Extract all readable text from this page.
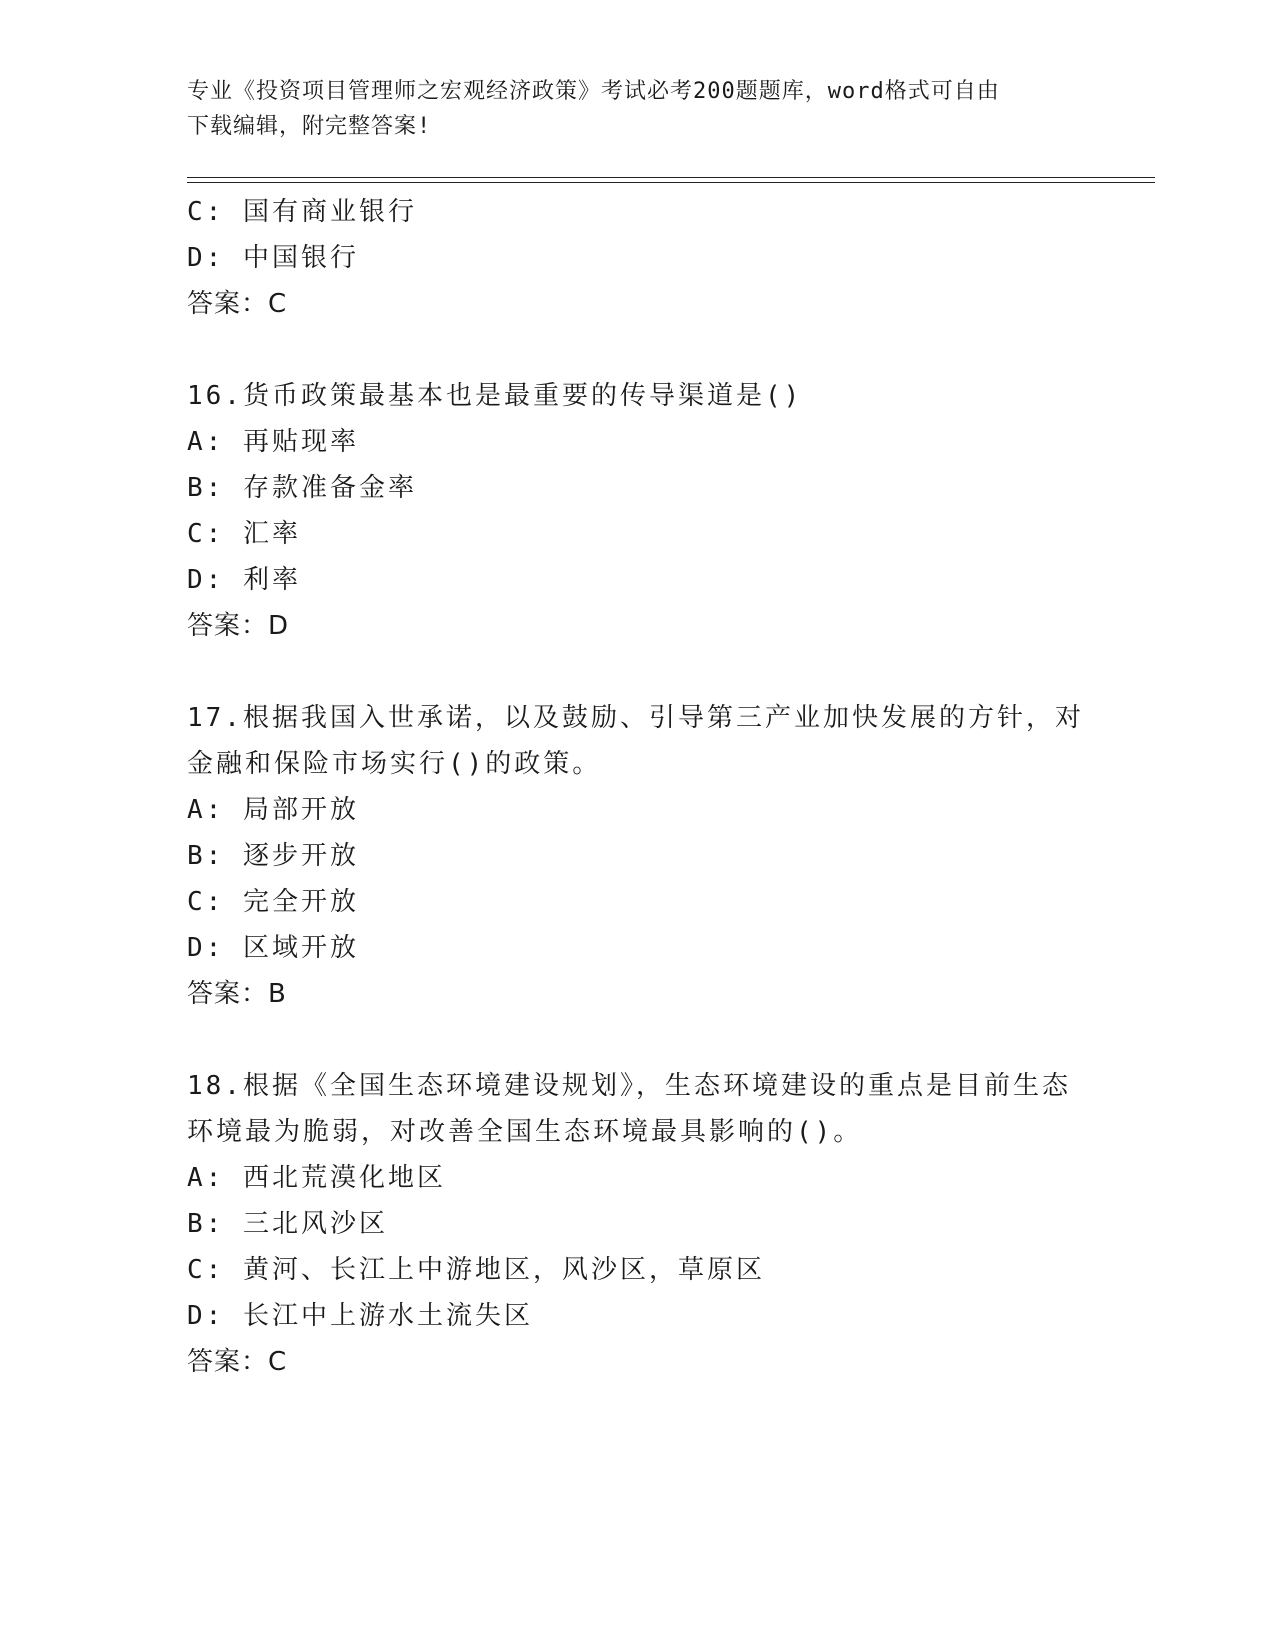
专业《投资项目管理师之宏观经济政策》考试必考200题题库，word格式可自由
下载编辑，附完整答案!
C: 国有商业银行
D: 中国银行
答案：C
16.货币政策最基本也是最重要的传导渠道是()
A: 再贴现率
B: 存款准备金率
C: 汇率
D: 利率
答案：D
17.根据我国入世承诺，以及鼓励、引导第三产业加快发展的方针，对
金融和保险市场实行()的政策。
A: 局部开放
B: 逐步开放
C: 完全开放
D: 区域开放
答案：B
18.根据《全国生态环境建设规划》，生态环境建设的重点是目前生态
环境最为脆弱，对改善全国生态环境最具影响的()。
A: 西北荒漠化地区
B: 三北风沙区
C: 黄河、长江上中游地区，风沙区，草原区
D: 长江中上游水土流失区
答案：C
